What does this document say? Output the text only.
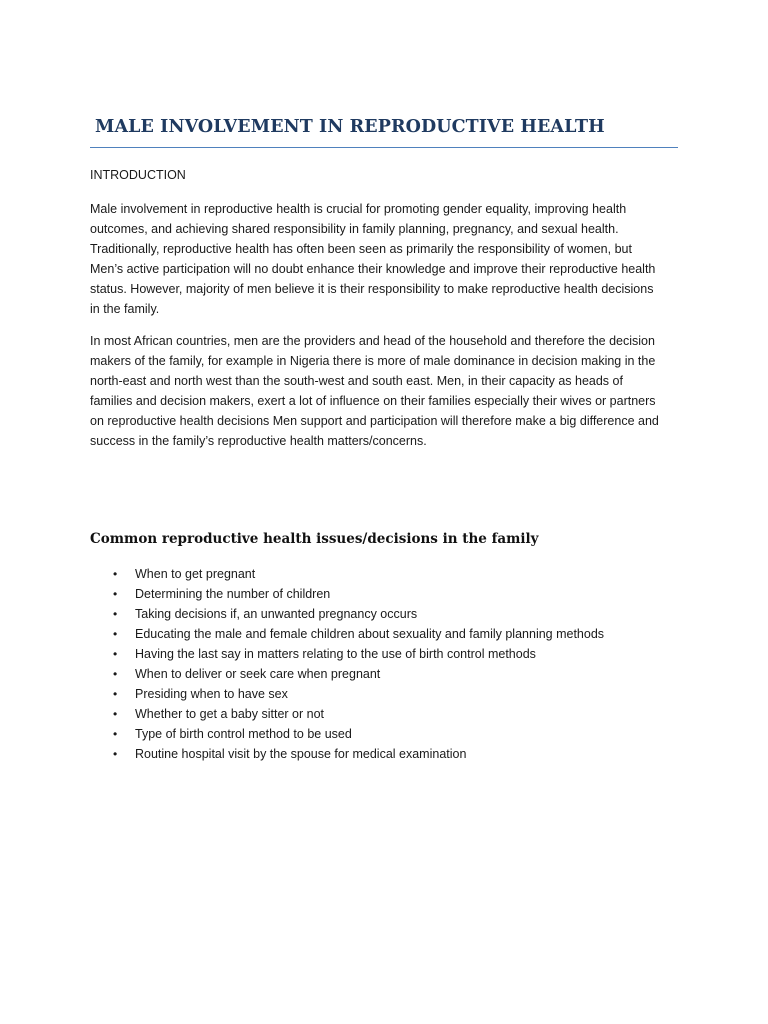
MALE INVOLVEMENT IN REPRODUCTIVE HEALTH
INTRODUCTION

Male involvement in reproductive health is crucial for promoting gender equality, improving health
outcomes, and achieving shared responsibility in family planning, pregnancy, and sexual health.
Traditionally, reproductive health has often been seen as primarily the responsibility of women, but
Men’s active participation will no doubt enhance their knowledge and improve their reproductive health
status. However, majority of men believe it is their responsibility to make reproductive health decisions
in the family.

In most African countries, men are the providers and head of the household and therefore the decision
makers of the family, for example in Nigeria there is more of male dominance in decision making in the
north-east and north west than the south-west and south east. Men, in their capacity as heads of
families and decision makers, exert a lot of influence on their families especially their wives or partners
on reproductive health decisions Men support and participation will therefore make a big difference and
success in the family’s reproductive health matters/concerns.

Common reproductive health issues/decisions in the family
• When to get pregnant
• Determining the number of children
• Taking decisions if, an unwanted pregnancy occurs
• Educating the male and female children about sexuality and family planning methods
• Having the last say in matters relating to the use of birth control methods
• When to deliver or seek care when pregnant
• Presiding when to have sex
• Whether to get a baby sitter or not
• Type of birth control method to be used
• Routine hospital visit by the spouse for medical examination
